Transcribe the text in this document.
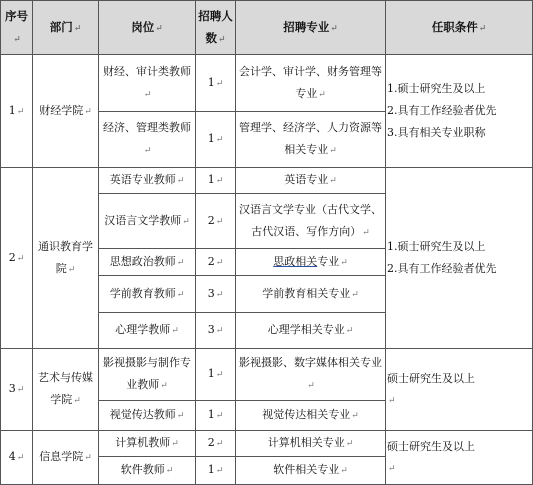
序号↵	部门↵	岗位↵	招聘人数↵	招聘专业↵	任职条件↵
1↵	财经学院↵	财经、审计类教师↵	1↵	会计学、审计学、财务管理等专业↵	1.硕士研究生及以上
2.具有工作经验者优先
3.具有相关专业职称

		经济、管理类教师↵	1↵	管理学、经济学、人力资源等相关专业↵	
2↵	通识教育学院↵	英语专业教师↵	1↵	英语专业↵	1.硕士研究生及以上
2.具有工作经验者优先

		汉语言文学教师↵	2↵	汉语言文学专业（古代文学、古代汉语、写作方向）↵	
		思想政治教师↵	2↵	思政相关专业↵	
		学前教育教师↵	3↵	学前教育相关专业↵	
		心理学教师↵	3↵	心理学相关专业↵	
3↵	艺术与传媒学院↵	影视摄影与制作专业教师↵	1↵	影视摄影、数字媒体相关专业↵	硕士研究生及以上
↵

		视觉传达教师↵	1↵	视觉传达相关专业↵	
4↵	信息学院↵	计算机教师↵	2↵	计算机相关专业↵	硕士研究生及以上
↵

		软件教师↵	1↵	软件相关专业↵	
